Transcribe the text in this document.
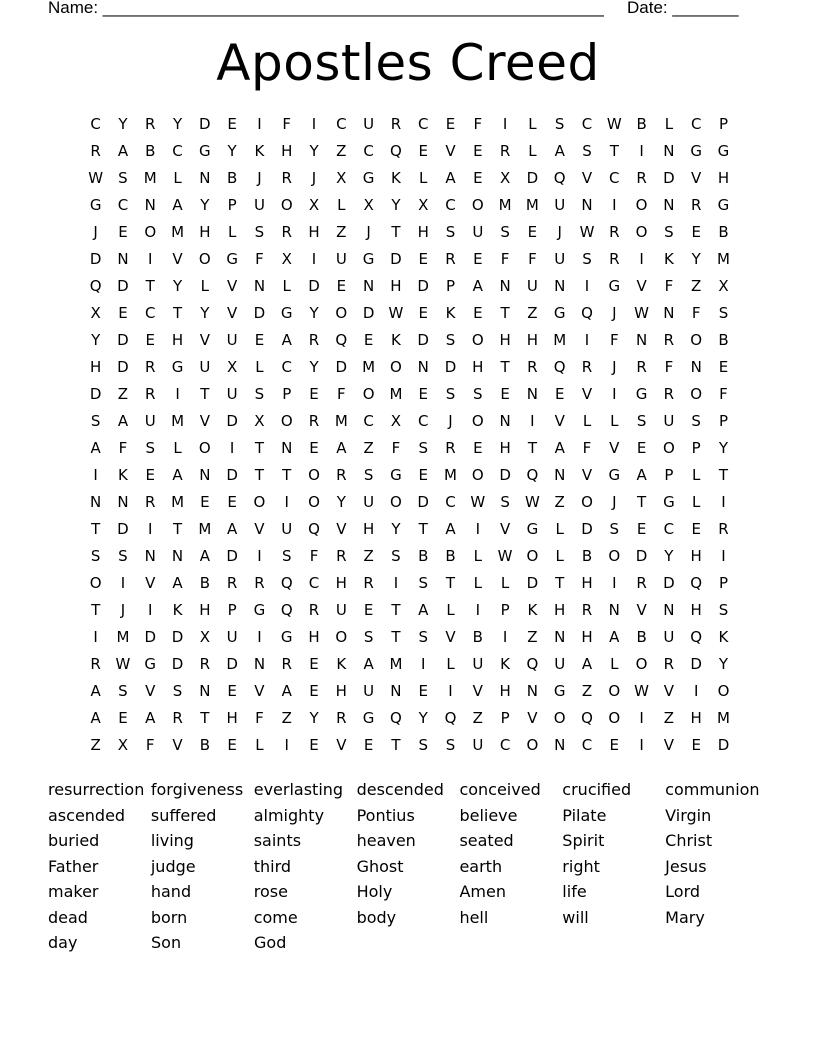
Name: _____________________________________________________

Date: _______

Apostles Creed
C	Y	R	Y	D	E	I	F	I	C	U	R	C	E	F	I	L	S	C W B	L	C	P
R	A	B	C	G	Y	K	H	Y	Z	C	Q	E	V	E	R	L	A	S	T	I	N	G	G
W	S	M	L	N	B	J	R	J	X	G	K	L	A	E	X	D	Q	V	C	R	D	V	H
G	C	N	A	Y	P	U	O	X	L	X	Y	X	C	O M M	U	N	I	O	N	R	G
J	E	O M	H	L	S	R	H	Z	J	T	H	S	U	S	E	J	W R	O	S	E	B
D	N	I	V	O	G	F	X	I	U	G	D	E	R	E	F	F	U	S	R	I	K	Y	M
Q	D	T	Y	L	V	N	L	D	E	N	H	D	P	A	N	U	N	I	G	V	F	Z	X
X	E	C	T	Y	V	D	G	Y	O	D W	E	K	E	T	Z	G	Q	J	W N	F	S
Y	D	E	H	V	U	E	A	R	Q	E	K	D	S	O	H	H	M	I	F	N	R	O	B
H	D	R	G	U	X	L	C	Y	D	M O	N	D	H	T	R	Q	R	J	R	F	N	E
D	Z	R	I	T	U	S	P	E	F	O M	E	S	S	E	N	E	V	I	G	R	O	F
S	A	U	M	V	D	X	O	R	M	C	X	C	J	O	N	I	V	L	L	S	U	S	P
A	F	S	L	O	I	T	N	E	A	Z	F	S	R	E	H	T	A	F	V	E	O	P	Y
I	K	E	A	N	D	T	T	O	R	S	G	E	M O	D	Q	N	V	G	A	P	L	T
N	N	R	M	E	E	O	I	O	Y	U	O	D	C W	S	W Z	O	J	T	G	L	I
T	D	I	T	M	A	V	U	Q	V	H	Y	T	A	I	V	G	L	D	S	E	C	E	R
S	S	N	N	A	D	I	S	F	R	Z	S	B	B	L	W O	L	B	O	D	Y	H	I
O	I	V	A	B	R	R	Q	C	H	R	I	S	T	L	L	D	T	H	I	R	D	Q	P
T	J	I	K	H	P	G	Q	R	U	E	T	A	L	I	P	K	H	R	N	V	N	H	S
I	M	D	D	X	U	I	G	H	O	S	T	S	V	B	I	Z	N	H	A	B	U	Q	K
R W G	D	R	D	N	R	E	K	A	M	I	L	U	K	Q	U	A	L	O	R	D	Y
A	S	V	S	N	E	V	A	E	H	U	N	E	I	V	H	N	G	Z	O W V	I	O
A	E	A	R	T	H	F	Z	Y	R	G	Q	Y	Q	Z	P	V	O	Q	O	I	Z	H	M
Z	X	F	V	B	E	L	I	E	V	E	T	S	S	U	C	O	N	C	E	I	V	E	D
resurrection forgiveness everlasting descended conceived	crucified	communion
ascended	suffered	almighty	Pontius	believe	Pilate	Virgin
buried	living	saints	heaven	seated	Spirit	Christ
Father	judge	third	Ghost	earth	right	Jesus
maker	hand	rose	Holy	Amen	life	Lord
dead	born	come	body	hell	will	Mary
day	Son	God
